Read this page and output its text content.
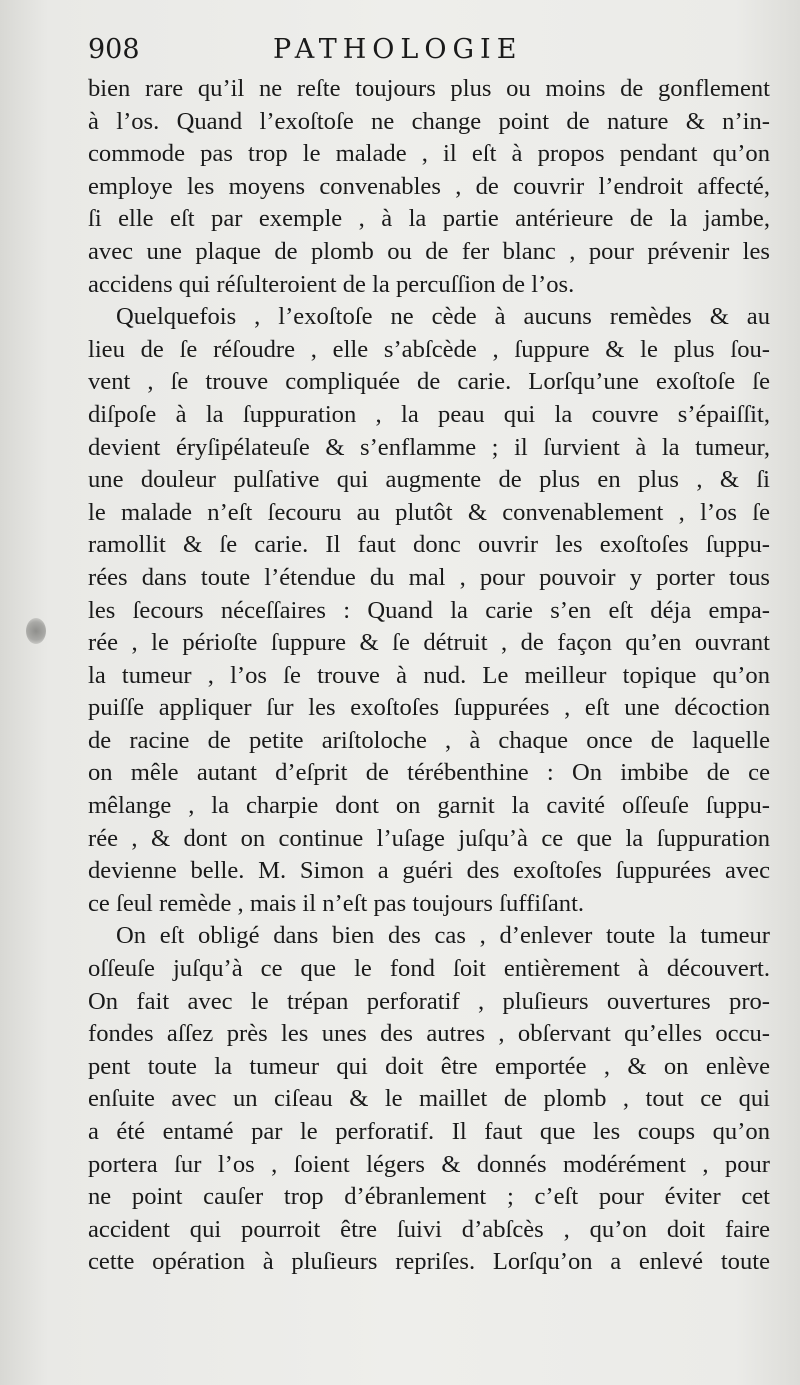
908	PATHOLOGIE
bien rare qu’il ne reſte toujours plus ou moins de gonflement
à l’os. Quand l’exoſtoſe ne change point de nature & n’in-
commode pas trop le malade , il eſt à propos pendant qu’on
employe les moyens convenables , de couvrir l’endroit affecté,
ſi elle eſt par exemple , à la partie antérieure de la jambe,
avec une plaque de plomb ou de fer blanc , pour prévenir les
accidens qui réſulteroient de la percuſſion de l’os.
Quelquefois , l’exoſtoſe ne cède à aucuns remèdes & au
lieu de ſe réſoudre , elle s’abſcède , ſuppure & le plus ſou-
vent , ſe trouve compliquée de carie. Lorſqu’une exoſtoſe ſe
diſpoſe à la ſuppuration , la peau qui la couvre s’épaiſſit,
devient éryſipélateuſe & s’enflamme ; il ſurvient à la tumeur,
une douleur pulſative qui augmente de plus en plus , & ſi
le malade n’eſt ſecouru au plutôt & convenablement , l’os ſe
ramollit & ſe carie. Il faut donc ouvrir les exoſtoſes ſuppu-
rées dans toute l’étendue du mal , pour pouvoir y porter tous
les ſecours néceſſaires : Quand la carie s’en eſt déja empa-
rée , le périoſte ſuppure & ſe détruit , de façon qu’en ouvrant
la tumeur , l’os ſe trouve à nud. Le meilleur topique qu’on
puiſſe appliquer ſur les exoſtoſes ſuppurées , eſt une décoction
de racine de petite ariſtoloche , à chaque once de laquelle
on mêle autant d’eſprit de térébenthine : On imbibe de ce
mêlange , la charpie dont on garnit la cavité oſſeuſe ſuppu-
rée , & dont on continue l’uſage juſqu’à ce que la ſuppuration
devienne belle. M. Simon a guéri des exoſtoſes ſuppurées avec
ce ſeul remède , mais il n’eſt pas toujours ſuffiſant.
On eſt obligé dans bien des cas , d’enlever toute la tumeur
oſſeuſe juſqu’à ce que le fond ſoit entièrement à découvert.
On fait avec le trépan perforatif , pluſieurs ouvertures pro-
fondes aſſez près les unes des autres , obſervant qu’elles occu-
pent toute la tumeur qui doit être emportée , & on enlève
enſuite avec un ciſeau & le maillet de plomb , tout ce qui
a été entamé par le perforatif. Il faut que les coups qu’on
portera ſur l’os , ſoient légers & donnés modérément , pour
ne point cauſer trop d’ébranlement ; c’eſt pour éviter cet
accident qui pourroit être ſuivi d’abſcès , qu’on doit faire
cette opération à pluſieurs repriſes. Lorſqu’on a enlevé toute
